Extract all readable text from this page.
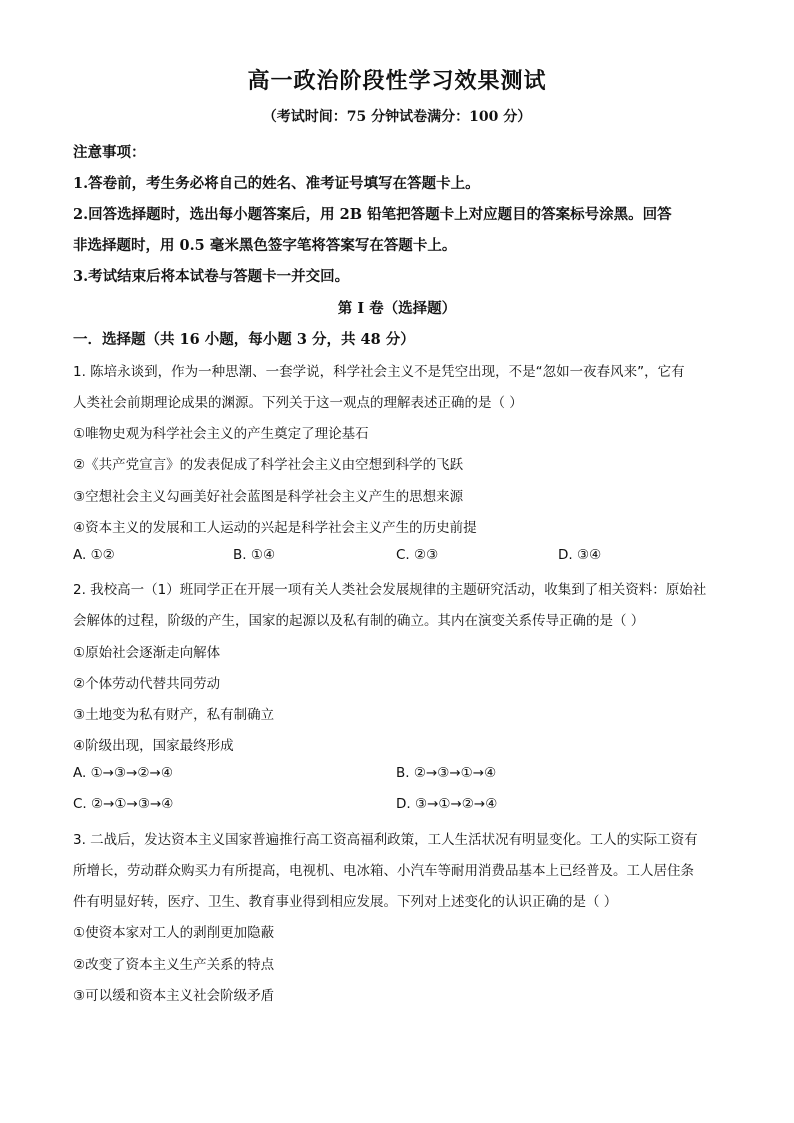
高一政治阶段性学习效果测试
（考试时间：75 分钟试卷满分：100 分）
注意事项：
1.答卷前，考生务必将自己的姓名、准考证号填写在答题卡上。
2.回答选择题时，选出每小题答案后，用 2B 铅笔把答题卡上对应题目的答案标号涂黑。回答
非选择题时，用 0.5 毫米黑色签字笔将答案写在答题卡上。
3.考试结束后将本试卷与答题卡一并交回。
第 I 卷（选择题）
一．选择题（共 16 小题，每小题 3 分，共 48 分）
1. 陈培永谈到，作为一种思潮、一套学说，科学社会主义不是凭空出现，不是“忽如一夜春风来”，它有
人类社会前期理论成果的渊源。下列关于这一观点的理解表述正确的是（ ）
①唯物史观为科学社会主义的产生奠定了理论基石
②《共产党宣言》的发表促成了科学社会主义由空想到科学的飞跃
③空想社会主义勾画美好社会蓝图是科学社会主义产生的思想来源
④资本主义的发展和工人运动的兴起是科学社会主义产生的历史前提
A. ①②	B. ①④	C. ②③	D. ③④
2. 我校高一（1）班同学正在开展一项有关人类社会发展规律的主题研究活动，收集到了相关资料：原始社
会解体的过程，阶级的产生，国家的起源以及私有制的确立。其内在演变关系传导正确的是（ ）
①原始社会逐渐走向解体
②个体劳动代替共同劳动
③土地变为私有财产，私有制确立
④阶级出现，国家最终形成
A. ①→③→②→④	B. ②→③→①→④
C. ②→①→③→④	D. ③→①→②→④
3. 二战后，发达资本主义国家普遍推行高工资高福利政策，工人生活状况有明显变化。工人的实际工资有
所增长，劳动群众购买力有所提高，电视机、电冰箱、小汽车等耐用消费品基本上已经普及。工人居住条
件有明显好转，医疗、卫生、教育事业得到相应发展。下列对上述变化的认识正确的是（ ）
①使资本家对工人的剥削更加隐蔽
②改变了资本主义生产关系的特点
③可以缓和资本主义社会阶级矛盾
